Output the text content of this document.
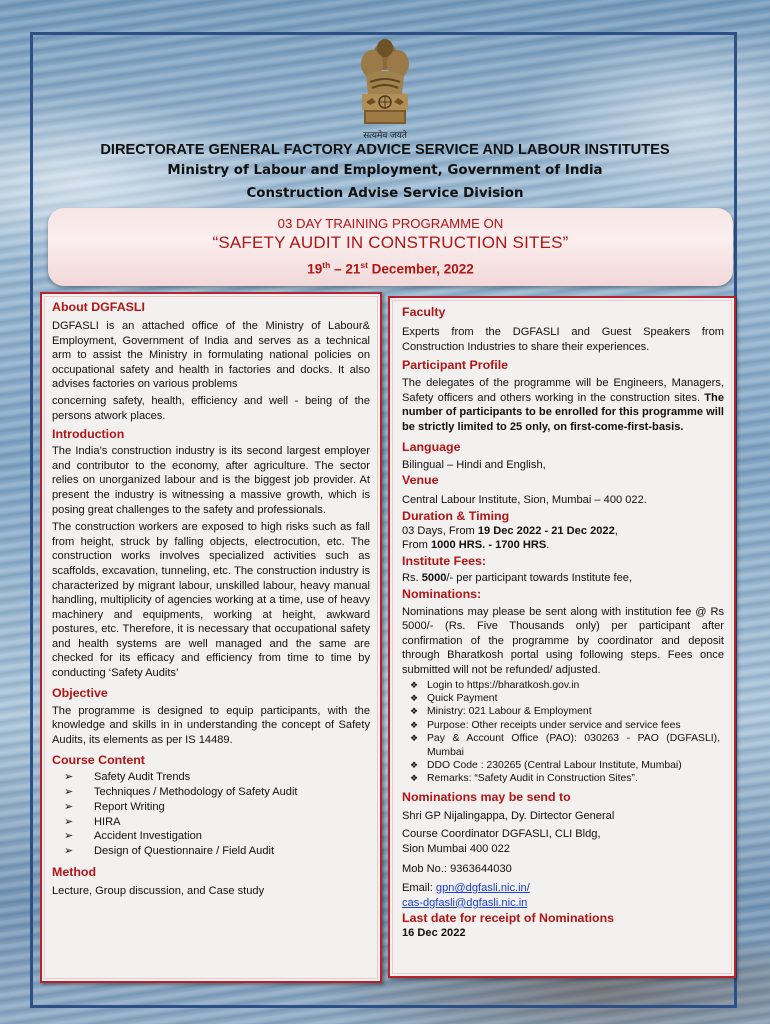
सत्यमेव जयते
DIRECTORATE GENERAL FACTORY ADVICE SERVICE AND LABOUR INSTITUTES
Ministry of Labour and Employment, Government of India
Construction Advise Service Division
03 DAY TRAINING PROGRAMME ON
“SAFETY AUDIT IN CONSTRUCTION SITES”
19th – 21st December, 2022
About DGFASLI

DGFASLI is an attached office of the Ministry of Labour& Employment, Government of India and serves as a technical arm to assist the Ministry in formulating national policies on occupational safety and health in factories and docks. It also advises factories on various problems

concerning safety, health, efficiency and well - being of the persons atwork places.

Introduction

The India’s construction industry is its second largest employer and contributor to the economy, after agriculture. The sector relies on unorganized labour and is the biggest job provider. At present the industry is witnessing a massive growth, which is posing great challenges to the safety and professionals.

The construction workers are exposed to high risks such as fall from height, struck by falling objects, electrocution, etc. The construction works involves specialized activities such as scaffolds, excavation, tunneling, etc. The construction industry is characterized by migrant labour, unskilled labour, heavy manual handling, multiplicity of agencies working at a time, use of heavy machinery and equipments, working at height, awkward postures, etc. Therefore, it is necessary that occupational safety and health systems are well managed and the same are checked for its efficacy and efficiency from time to time by conducting ‘Safety Audits’

Objective

The programme is designed to equip participants, with the knowledge and skills in in understanding the concept of Safety Audits, its elements as per IS 14489.

Course Content
➢ Safety Audit Trends
➢ Techniques / Methodology of Safety Audit
➢ Report Writing
➢ HIRA
➢ Accident Investigation
➢ Design of Questionnaire / Field Audit
Method

Lecture, Group discussion, and Case study

Faculty

Experts from the DGFASLI and Guest Speakers from Construction Industries to share their experiences.

Participant Profile

The delegates of the programme will be Engineers, Managers, Safety officers and others working in the construction sites. The number of participants to be enrolled for this programme will be strictly limited to 25 only, on first-come-first-basis.

Language

Bilingual – Hindi and English,

Venue

Central Labour Institute, Sion, Mumbai – 400 022.

Duration & Timing

03 Days, From 19 Dec 2022 - 21 Dec 2022,

From 1000 HRS. - 1700 HRS.

Institute Fees:

Rs. 5000/- per participant towards Institute fee,

Nominations:

Nominations may please be sent along with institution fee @ Rs 5000/- (Rs. Five Thousands only) per participant after confirmation of the programme by coordinator and deposit through Bharatkosh portal using following steps. Fees once submitted will not be refunded/ adjusted.

❖ Login to https://bharatkosh.gov.in
❖ Quick Payment
❖ Ministry: 021 Labour & Employment
❖ Purpose: Other receipts under service and service fees
❖ Pay & Account Office (PAO): 030263 - PAO (DGFASLI), Mumbai
❖ DDO Code : 230265 (Central Labour Institute, Mumbai)
❖ Remarks: “Safety Audit in Construction Sites”.
Nominations may be send to

Shri GP Nijalingappa, Dy. Dirtector General

Course Coordinator DGFASLI, CLI Bldg,

Sion Mumbai 400 022

Mob No.: 9363644030

Email: gpn@dgfasli.nic.in/

cas-dgfasli@dgfasli.nic.in

Last date for receipt of Nominations

16 Dec 2022
